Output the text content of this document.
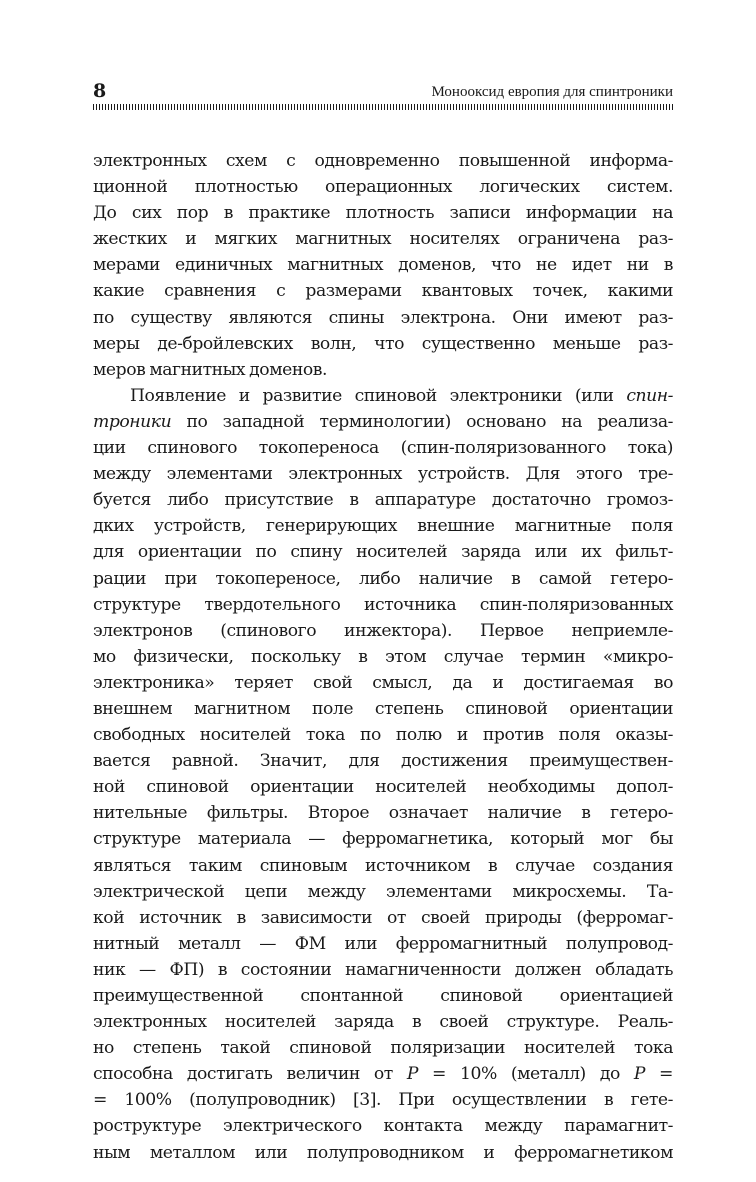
8	Монооксид европия для спинтроники
электронных схем с одновременно повышенной информа-
ционной плотностью операционных логических систем.
До сих пор в практике плотность записи информации на
жестких и мягких магнитных носителях ограничена раз-
мерами единичных магнитных доменов, что не идет ни в
какие сравнения с размерами квантовых точек, какими
по существу являются спины электрона. Они имеют раз-
меры де-бройлевских волн, что существенно меньше раз-
меров магнитных доменов.
Появление и развитие спиновой электроники (или спин-
троники по западной терминологии) основано на реализа-
ции спинового токопереноса (спин-поляризованного тока)
между элементами электронных устройств. Для этого тре-
буется либо присутствие в аппаратуре достаточно громоз-
дких устройств, генерирующих внешние магнитные поля
для ориентации по спину носителей заряда или их фильт-
рации при токопереносе, либо наличие в самой гетеро-
структуре твердотельного источника спин-поляризованных
электронов (спинового инжектора). Первое неприемле-
мо физически, поскольку в этом случае термин «микро-
электроника» теряет свой смысл, да и достигаемая во
внешнем магнитном поле степень спиновой ориентации
свободных носителей тока по полю и против поля оказы-
вается равной. Значит, для достижения преимуществен-
ной спиновой ориентации носителей необходимы допол-
нительные фильтры. Второе означает наличие в гетеро-
структуре материала — ферромагнетика, который мог бы
являться таким спиновым источником в случае создания
электрической цепи между элементами микросхемы. Та-
кой источник в зависимости от своей природы (ферромаг-
нитный металл — ФМ или ферромагнитный полупровод-
ник — ФП) в состоянии намагниченности должен обладать
преимущественной спонтанной спиновой ориентацией
электронных носителей заряда в своей структуре. Реаль-
но степень такой спиновой поляризации носителей тока
способна достигать величин от P = 10% (металл) до P =
= 100% (полупроводник) [3]. При осуществлении в гете-
роструктуре электрического контакта между парамагнит-
ным металлом или полупроводником и ферромагнетиком
